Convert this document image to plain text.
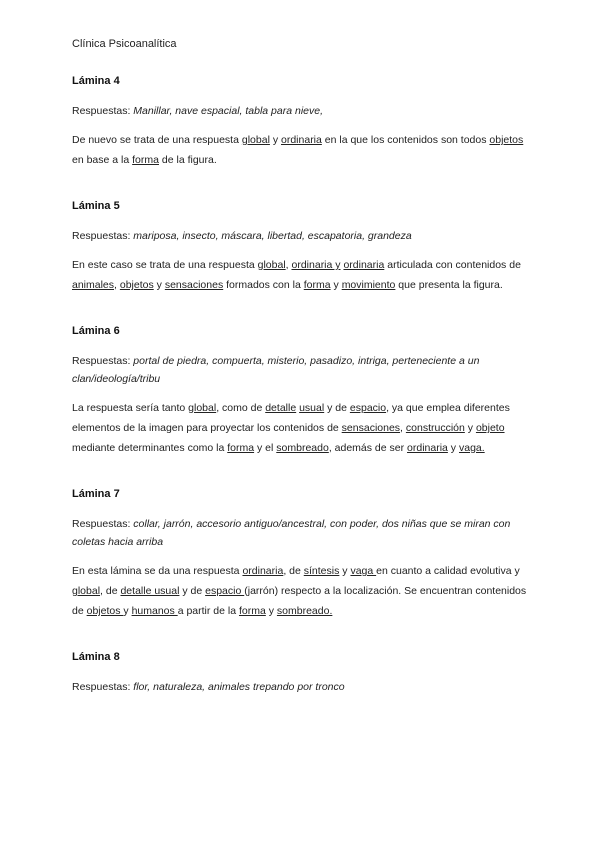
Clínica Psicoanalítica
Lámina 4

Respuestas: Manillar, nave espacial, tabla para nieve,

De nuevo se trata de una respuesta global y ordinaria en la que los contenidos son todos objetos en base a la forma de la figura.

Lámina 5

Respuestas: mariposa, insecto, máscara, libertad, escapatoria, grandeza

En este caso se trata de una respuesta global, ordinaria y ordinaria articulada con contenidos de animales, objetos y sensaciones formados con la forma y movimiento que presenta la figura.

Lámina 6

Respuestas: portal de piedra, compuerta, misterio, pasadizo, intriga, perteneciente a un clan/ideología/tribu

La respuesta sería tanto global, como de detalle usual y de espacio, ya que emplea diferentes elementos de la imagen para proyectar los contenidos de sensaciones, construcción y objeto mediante determinantes como la forma y el sombreado, además de ser ordinaria y vaga.

Lámina 7

Respuestas: collar, jarrón, accesorio antiguo/ancestral, con poder, dos niñas que se miran con coletas hacia arriba

En esta lámina se da una respuesta ordinaria, de síntesis y vaga en cuanto a calidad evolutiva y global, de detalle usual y de espacio (jarrón) respecto a la localización. Se encuentran contenidos de objetos y humanos a partir de la forma y sombreado.

Lámina 8

Respuestas: flor, naturaleza, animales trepando por tronco
